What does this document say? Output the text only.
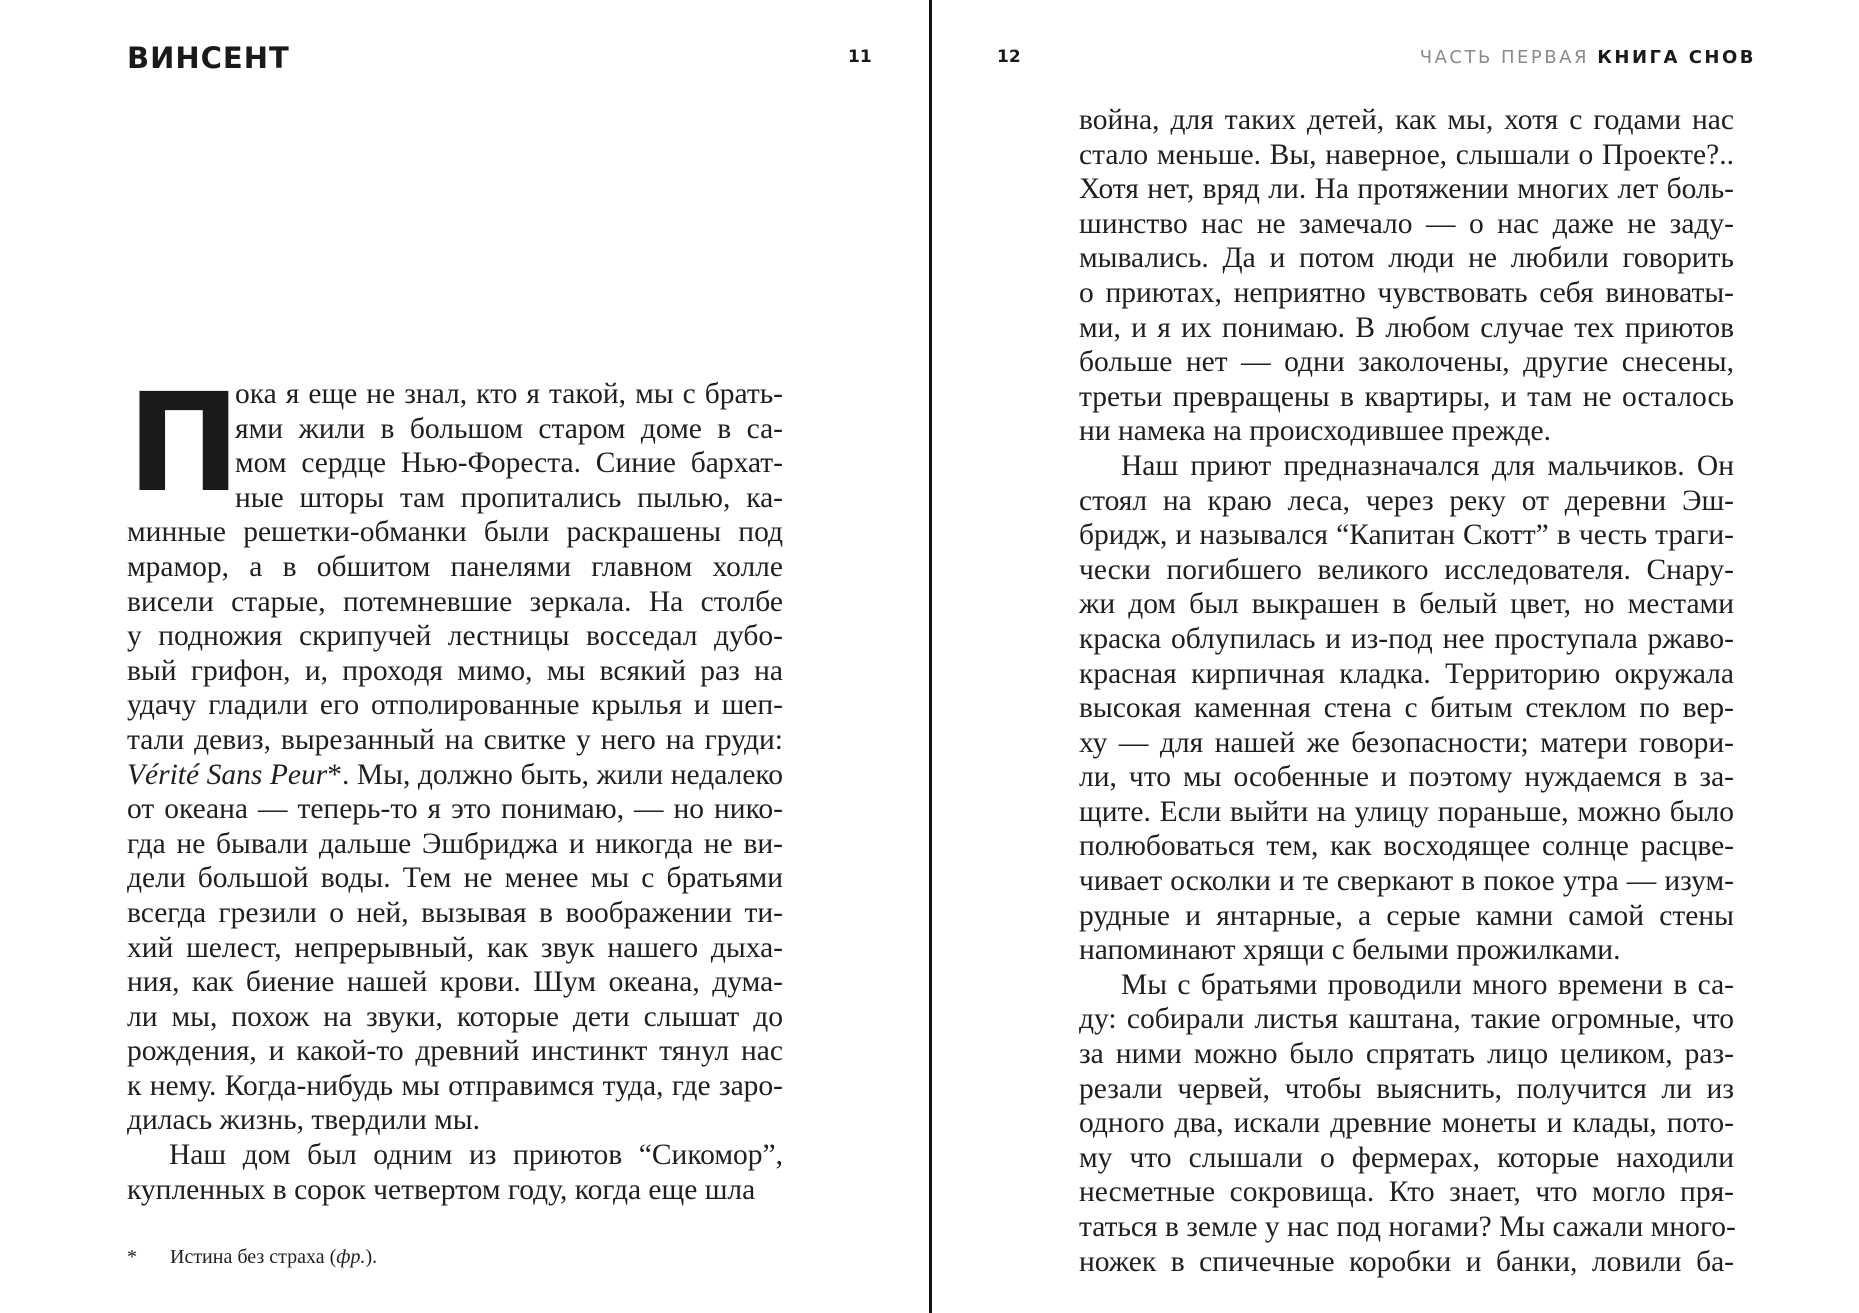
ВИНСЕНТ	11
П
ока я еще не знал, кто я такой, мы с брать-
ями жили в большом старом доме в са-
мом сердце Нью-Фореста. Синие бархат-
ные шторы там пропитались пылью, ка-
минные решетки-обманки были раскрашены под
мрамор, а в обшитом панелями главном холле
висели старые, потемневшие зеркала. На столбе
у подножия скрипучей лестницы восседал дубо-
вый грифон, и, проходя мимо, мы всякий раз на
удачу гладили его отполированные крылья и шеп-
тали девиз, вырезанный на свитке у него на груди:
Vérité Sans Peur*. Мы, должно быть, жили недалеко
от океана — теперь-то я это понимаю, — но нико-
гда не бывали дальше Эшбриджа и никогда не ви-
дели большой воды. Тем не менее мы с братьями
всегда грезили о ней, вызывая в воображении ти-
хий шелест, непрерывный, как звук нашего дыха-
ния, как биение нашей крови. Шум океана, дума-
ли мы, похож на звуки, которые дети слышат до
рождения, и какой-то древний инстинкт тянул нас
к нему. Когда-нибудь мы отправимся туда, где заро-
дилась жизнь, твердили мы.
Наш дом был одним из приютов “Сикомор”,
купленных в сорок четвертом году, когда еще шла
* Истина без страха (фр.).
12	ЧАСТЬ ПЕРВАЯ КНИГА СНОВ
война, для таких детей, как мы, хотя с годами нас
стало меньше. Вы, наверное, слышали о Проекте?..
Хотя нет, вряд ли. На протяжении многих лет боль-
шинство нас не замечало — о нас даже не заду-
мывались. Да и потом люди не любили говорить
о приютах, неприятно чувствовать себя виноваты-
ми, и я их понимаю. В любом случае тех приютов
больше нет — одни заколочены, другие снесены,
третьи превращены в квартиры, и там не осталось
ни намека на происходившее прежде.
Наш приют предназначался для мальчиков. Он
стоял на краю леса, через реку от деревни Эш-
бридж, и назывался “Капитан Скотт” в честь траги-
чески погибшего великого исследователя. Снару-
жи дом был выкрашен в белый цвет, но местами
краска облупилась и из-под нее проступала ржаво-
красная кирпичная кладка. Территорию окружала
высокая каменная стена с битым стеклом по вер-
ху — для нашей же безопасности; матери говори-
ли, что мы особенные и поэтому нуждаемся в за-
щите. Если выйти на улицу пораньше, можно было
полюбоваться тем, как восходящее солнце расцве-
чивает осколки и те сверкают в покое утра — изум-
рудные и янтарные, а серые камни самой стены
напоминают хрящи с белыми прожилками.
Мы с братьями проводили много времени в са-
ду: собирали листья каштана, такие огромные, что
за ними можно было спрятать лицо целиком, раз-
резали червей, чтобы выяснить, получится ли из
одного два, искали древние монеты и клады, пото-
му что слышали о фермерах, которые находили
несметные сокровища. Кто знает, что могло пря-
таться в земле у нас под ногами? Мы сажали много-
ножек в спичечные коробки и банки, ловили ба-
